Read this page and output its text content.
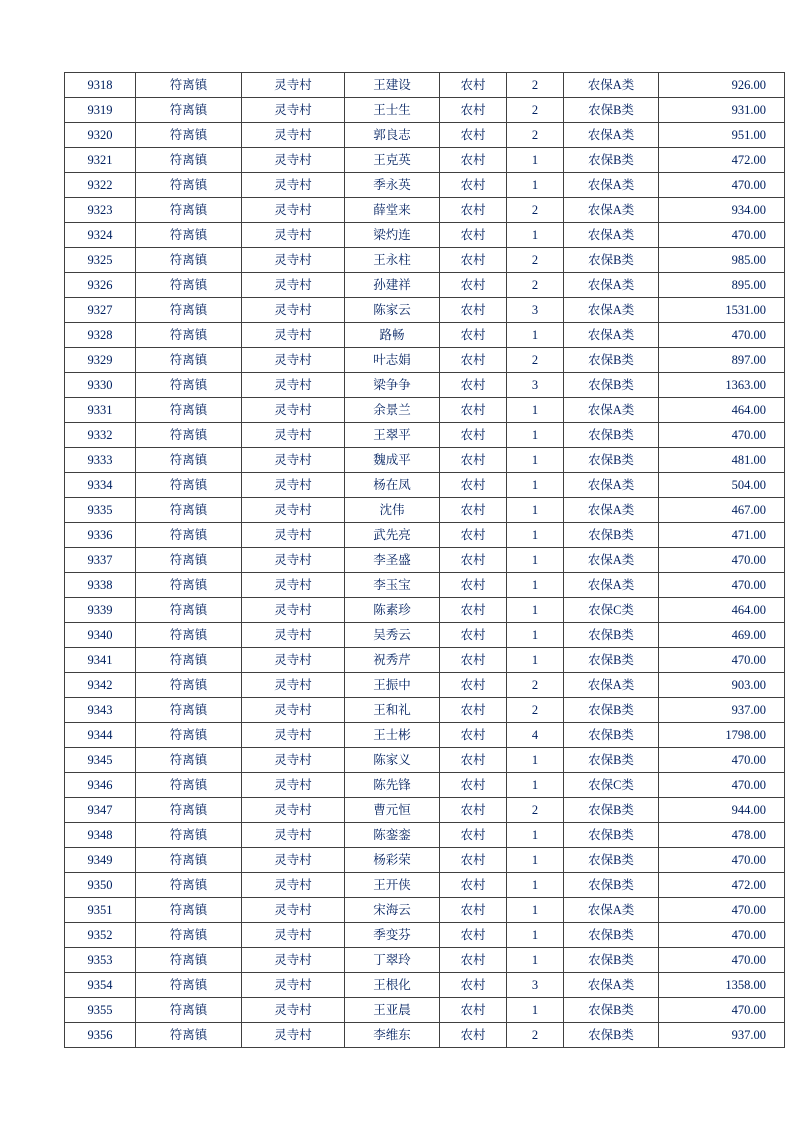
9318	符离镇	灵寺村	王建设	农村	2	农保A类	926.00
9319	符离镇	灵寺村	王士生	农村	2	农保B类	931.00
9320	符离镇	灵寺村	郭良志	农村	2	农保A类	951.00
9321	符离镇	灵寺村	王克英	农村	1	农保B类	472.00
9322	符离镇	灵寺村	季永英	农村	1	农保A类	470.00
9323	符离镇	灵寺村	薛堂来	农村	2	农保A类	934.00
9324	符离镇	灵寺村	梁灼连	农村	1	农保A类	470.00
9325	符离镇	灵寺村	王永柱	农村	2	农保B类	985.00
9326	符离镇	灵寺村	孙建祥	农村	2	农保A类	895.00
9327	符离镇	灵寺村	陈家云	农村	3	农保A类	1531.00
9328	符离镇	灵寺村	路畅	农村	1	农保A类	470.00
9329	符离镇	灵寺村	叶志娟	农村	2	农保B类	897.00
9330	符离镇	灵寺村	梁争争	农村	3	农保B类	1363.00
9331	符离镇	灵寺村	余景兰	农村	1	农保A类	464.00
9332	符离镇	灵寺村	王翠平	农村	1	农保B类	470.00
9333	符离镇	灵寺村	魏成平	农村	1	农保B类	481.00
9334	符离镇	灵寺村	杨在凤	农村	1	农保A类	504.00
9335	符离镇	灵寺村	沈伟	农村	1	农保A类	467.00
9336	符离镇	灵寺村	武先亮	农村	1	农保B类	471.00
9337	符离镇	灵寺村	李圣盛	农村	1	农保A类	470.00
9338	符离镇	灵寺村	李玉宝	农村	1	农保A类	470.00
9339	符离镇	灵寺村	陈素珍	农村	1	农保C类	464.00
9340	符离镇	灵寺村	吴秀云	农村	1	农保B类	469.00
9341	符离镇	灵寺村	祝秀芹	农村	1	农保B类	470.00
9342	符离镇	灵寺村	王振中	农村	2	农保A类	903.00
9343	符离镇	灵寺村	王和礼	农村	2	农保B类	937.00
9344	符离镇	灵寺村	王士彬	农村	4	农保B类	1798.00
9345	符离镇	灵寺村	陈家义	农村	1	农保B类	470.00
9346	符离镇	灵寺村	陈先锋	农村	1	农保C类	470.00
9347	符离镇	灵寺村	曹元恒	农村	2	农保B类	944.00
9348	符离镇	灵寺村	陈銮銮	农村	1	农保B类	478.00
9349	符离镇	灵寺村	杨彩荣	农村	1	农保B类	470.00
9350	符离镇	灵寺村	王开侠	农村	1	农保B类	472.00
9351	符离镇	灵寺村	宋海云	农村	1	农保A类	470.00
9352	符离镇	灵寺村	季变芬	农村	1	农保B类	470.00
9353	符离镇	灵寺村	丁翠玲	农村	1	农保B类	470.00
9354	符离镇	灵寺村	王根化	农村	3	农保A类	1358.00
9355	符离镇	灵寺村	王亚晨	农村	1	农保B类	470.00
9356	符离镇	灵寺村	李维东	农村	2	农保B类	937.00
